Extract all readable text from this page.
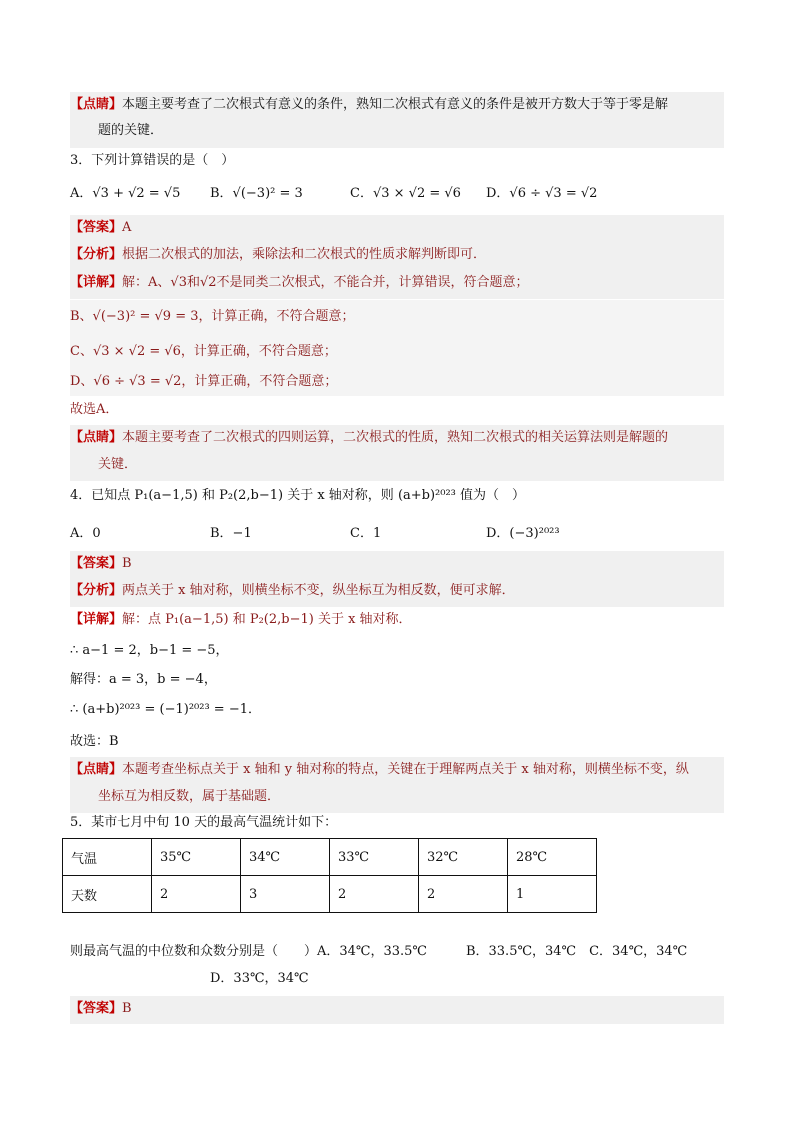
【点睛】本题主要考查了二次根式有意义的条件，熟知二次根式有意义的条件是被开方数大于等于零是解
题的关键．
3．下列计算错误的是（　）
A．√3 + √2 = √5 B．√(−3)² = 3	C．√3 × √2 = √6 D．√6 ÷ √3 = √2
【答案】A
【分析】根据二次根式的加法，乘除法和二次根式的性质求解判断即可．
【详解】解：A、√3和√2不是同类二次根式，不能合并，计算错误，符合题意；
B、√(−3)² = √9 = 3，计算正确，不符合题意；
C、√3 × √2 = √6，计算正确，不符合题意；
D、√6 ÷ √3 = √2，计算正确，不符合题意；
故选A．
【点睛】本题主要考查了二次根式的四则运算，二次根式的性质，熟知二次根式的相关运算法则是解题的
关键．
4．已知点 P₁(a−1,5) 和 P₂(2,b−1) 关于 x 轴对称，则 (a+b)²⁰²³ 值为（　）
A．0	B．−1	C．1	D．(−3)²⁰²³
【答案】B
【分析】两点关于 x 轴对称，则横坐标不变，纵坐标互为相反数，便可求解．
【详解】解：点 P₁(a−1,5) 和 P₂(2,b−1) 关于 x 轴对称．
∴ a−1 = 2，b−1 = −5，
解得：a = 3，b = −4，
∴ (a+b)²⁰²³ = (−1)²⁰²³ = −1．
故选：B
【点睛】本题考查坐标点关于 x 轴和 y 轴对称的特点，关键在于理解两点关于 x 轴对称，则横坐标不变，纵
坐标互为相反数，属于基础题．
5．某市七月中旬 10 天的最高气温统计如下：
气温	35℃	34℃	33℃	32℃	28℃
天数	2	3	2	2	1
则最高气温的中位数和众数分别是（　　）A．34℃，33.5℃　　　B．33.5℃，34℃　C．34℃，34℃
D．33℃，34℃
【答案】B
